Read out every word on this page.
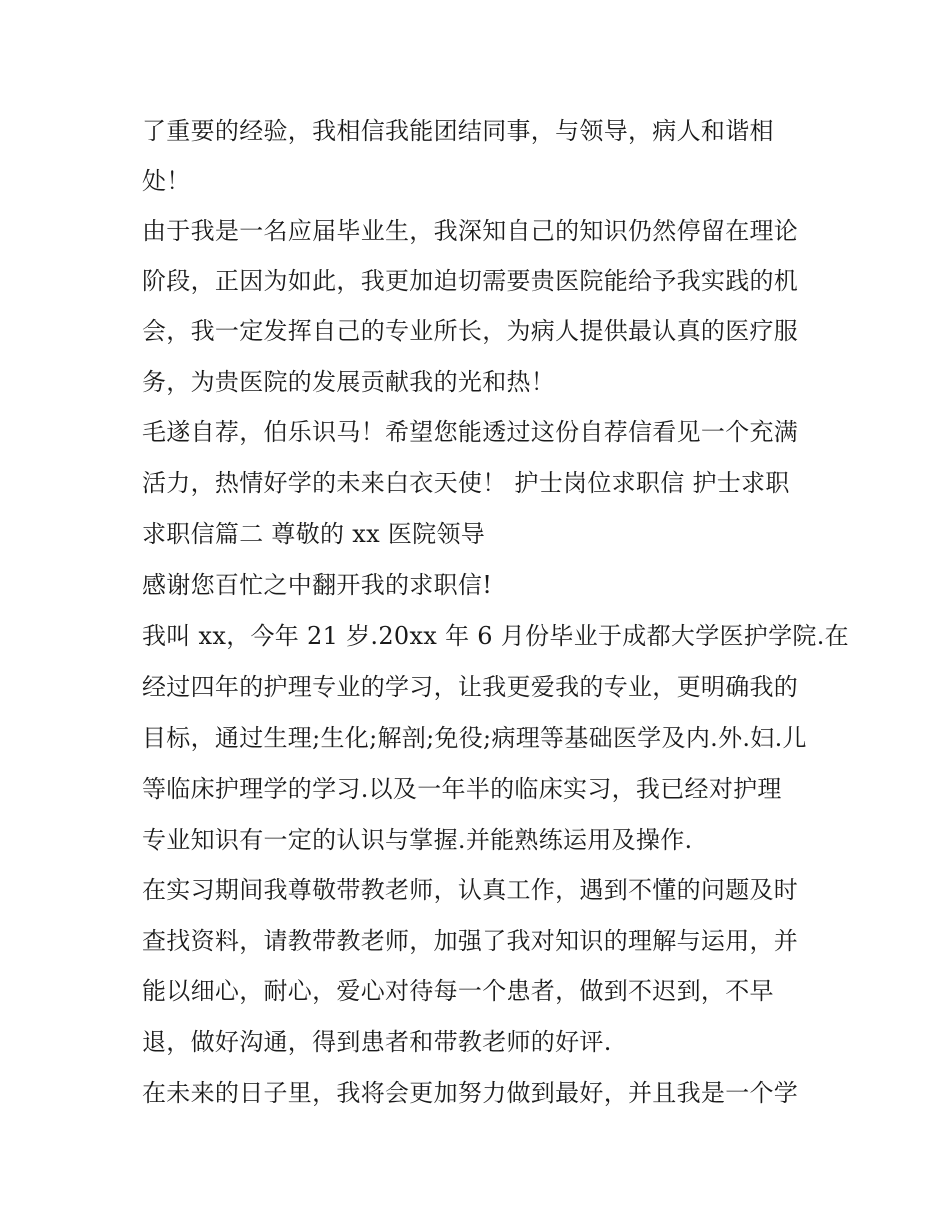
了重要的经验，我相信我能团结同事，与领导，病人和谐相
处！
由于我是一名应届毕业生，我深知自己的知识仍然停留在理论
阶段，正因为如此，我更加迫切需要贵医院能给予我实践的机
会，我一定发挥自己的专业所长，为病人提供最认真的医疗服
务，为贵医院的发展贡献我的光和热！
毛遂自荐，伯乐识马！希望您能透过这份自荐信看见一个充满
活力，热情好学的未来白衣天使！ 护士岗位求职信 护士求职
求职信篇二 尊敬的 xx 医院领导
感谢您百忙之中翻开我的求职信!
我叫 xx，今年 21 岁.20xx 年 6 月份毕业于成都大学医护学院.在
经过四年的护理专业的学习，让我更爱我的专业，更明确我的
目标，通过生理;生化;解剖;免役;病理等基础医学及内.外.妇.儿
等临床护理学的学习.以及一年半的临床实习，我已经对护理
专业知识有一定的认识与掌握.并能熟练运用及操作.
在实习期间我尊敬带教老师，认真工作，遇到不懂的问题及时
查找资料，请教带教老师，加强了我对知识的理解与运用，并
能以细心，耐心，爱心对待每一个患者，做到不迟到，不早
退，做好沟通，得到患者和带教老师的好评.
在未来的日子里，我将会更加努力做到最好，并且我是一个学
